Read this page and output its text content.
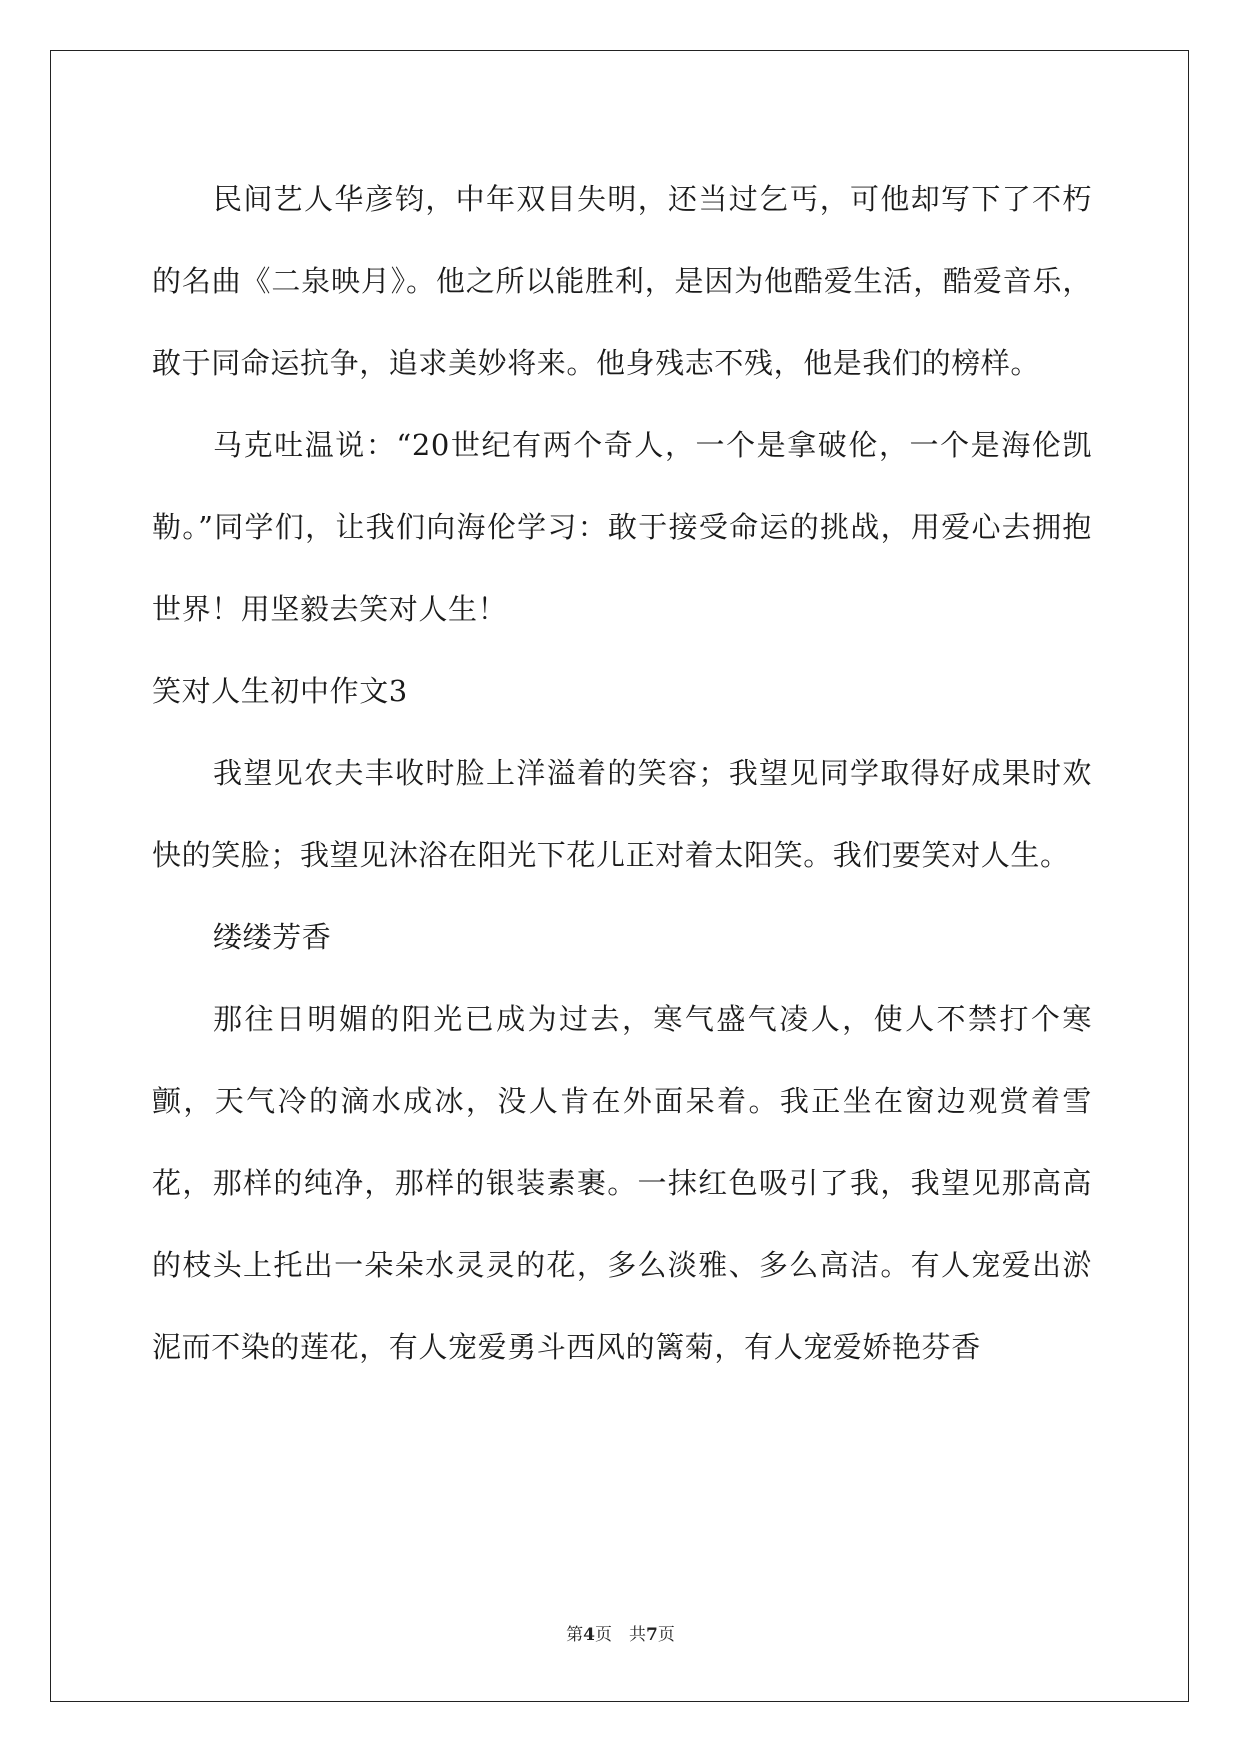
民间艺人华彦钧，中年双目失明，还当过乞丐，可他却写下了不朽的名曲《二泉映月》。他之所以能胜利，是因为他酷爱生活，酷爱音乐，敢于同命运抗争，追求美妙将来。他身残志不残，他是我们的榜样。

马克吐温说：“20世纪有两个奇人，一个是拿破伦，一个是海伦凯勒。”同学们，让我们向海伦学习：敢于接受命运的挑战，用爱心去拥抱世界！用坚毅去笑对人生！

笑对人生初中作文3

我望见农夫丰收时脸上洋溢着的笑容；我望见同学取得好成果时欢快的笑脸；我望见沐浴在阳光下花儿正对着太阳笑。我们要笑对人生。

缕缕芳香

那往日明媚的阳光已成为过去，寒气盛气凌人，使人不禁打个寒颤，天气冷的滴水成冰，没人肯在外面呆着。我正坐在窗边观赏着雪花，那样的纯净，那样的银装素裹。一抹红色吸引了我，我望见那高高的枝头上托出一朵朵水灵灵的花，多么淡雅、多么高洁。有人宠爱出淤泥而不染的莲花，有人宠爱勇斗西风的篱菊，有人宠爱娇艳芬香

第4页　共7页
